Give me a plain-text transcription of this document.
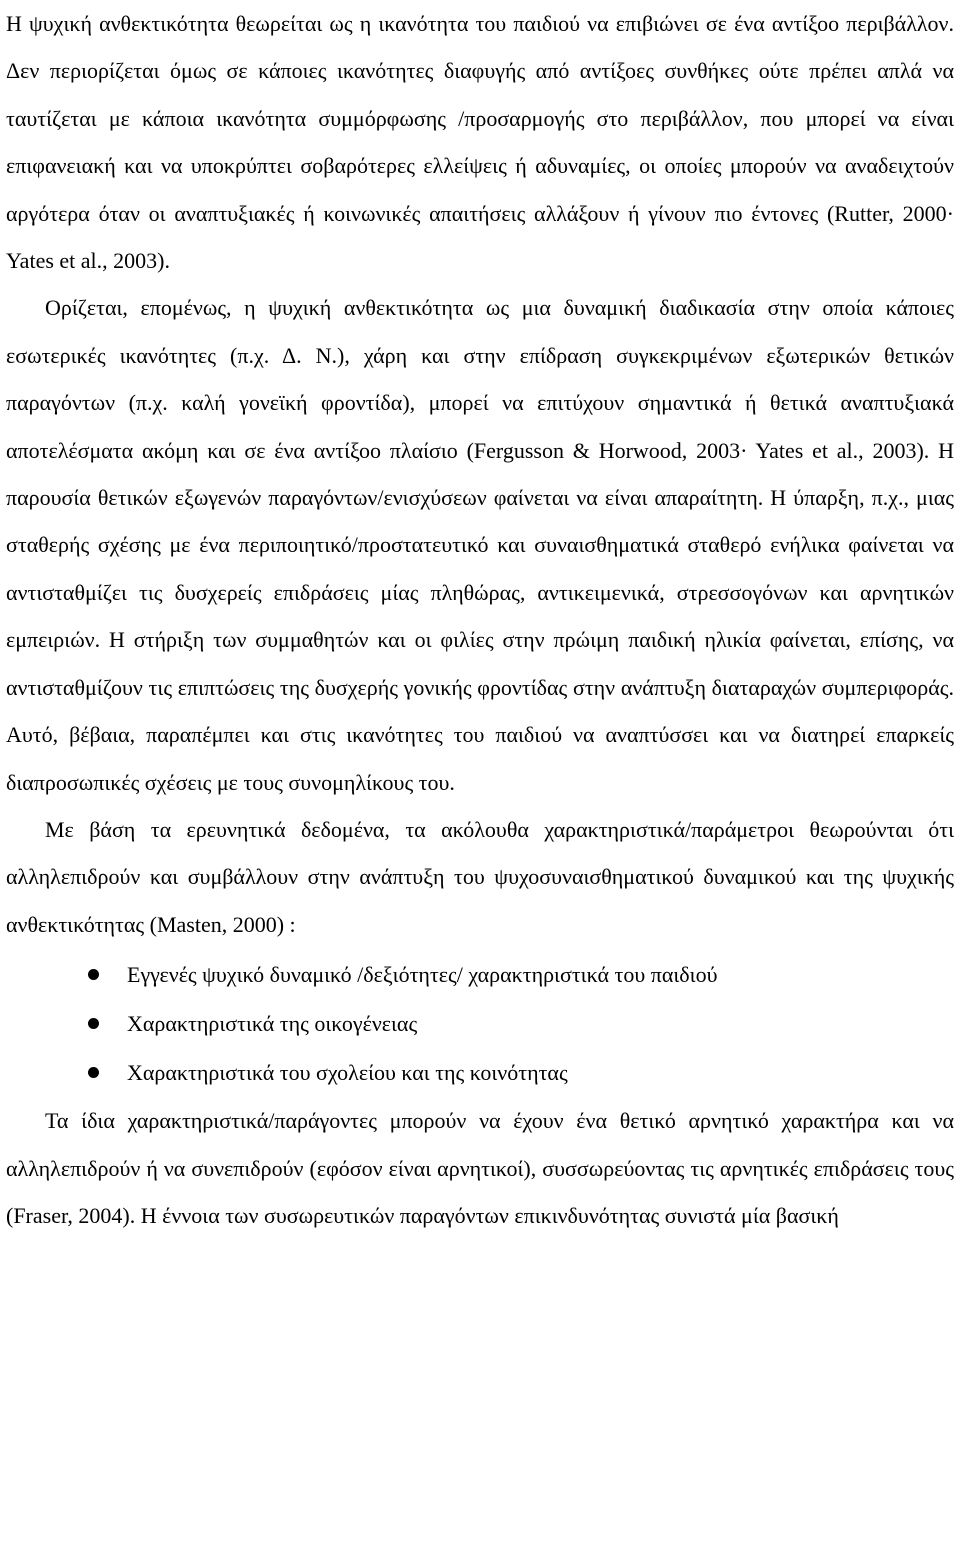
Η ψυχική ανθεκτικότητα θεωρείται ως η ικανότητα του παιδιού να επιβιώνει σε ένα αντίξοο περιβάλλον. Δεν περιορίζεται όμως σε κάποιες ικανότητες διαφυγής από αντίξοες συνθήκες ούτε πρέπει απλά να ταυτίζεται με κάποια ικανότητα συμμόρφωσης /προσαρμογής στο περιβάλλον, που μπορεί να είναι επιφανειακή και να υποκρύπτει σοβαρότερες ελλείψεις ή αδυναμίες, οι οποίες μπορούν να αναδειχτούν αργότερα όταν οι αναπτυξιακές ή κοινωνικές απαιτήσεις αλλάξουν ή γίνουν πιο έντονες (Rutter, 2000· Yates et al., 2003).

Ορίζεται, επομένως, η ψυχική ανθεκτικότητα ως μια δυναμική διαδικασία στην οποία κάποιες εσωτερικές ικανότητες (π.χ. Δ. Ν.), χάρη και στην επίδραση συγκεκριμένων εξωτερικών θετικών παραγόντων (π.χ. καλή γονεϊκή φροντίδα), μπορεί να επιτύχουν σημαντικά ή θετικά αναπτυξιακά αποτελέσματα ακόμη και σε ένα αντίξοο πλαίσιο (Fergusson & Horwood, 2003· Yates et al., 2003). Η παρουσία θετικών εξωγενών παραγόντων/ενισχύσεων φαίνεται να είναι απαραίτητη. Η ύπαρξη, π.χ., μιας σταθερής σχέσης με ένα περιποιητικό/προστατευτικό και συναισθηματικά σταθερό ενήλικα φαίνεται να αντισταθμίζει τις δυσχερείς επιδράσεις μίας πληθώρας, αντικειμενικά, στρεσσογόνων και αρνητικών εμπειριών. Η στήριξη των συμμαθητών και οι φιλίες στην πρώιμη παιδική ηλικία φαίνεται, επίσης, να αντισταθμίζουν τις επιπτώσεις της δυσχερής γονικής φροντίδας στην ανάπτυξη διαταραχών συμπεριφοράς. Αυτό, βέβαια, παραπέμπει και στις ικανότητες του παιδιού να αναπτύσσει και να διατηρεί επαρκείς διαπροσωπικές σχέσεις με τους συνομηλίκους του.

Με βάση τα ερευνητικά δεδομένα, τα ακόλουθα χαρακτηριστικά/παράμετροι θεωρούνται ότι αλληλεπιδρούν και συμβάλλουν στην ανάπτυξη του ψυχοσυναισθηματικού δυναμικού και της ψυχικής ανθεκτικότητας (Masten, 2000) :

Εγγενές ψυχικό δυναμικό /δεξιότητες/ χαρακτηριστικά του παιδιού
Χαρακτηριστικά της οικογένειας
Χαρακτηριστικά του σχολείου και της κοινότητας

Τα ίδια χαρακτηριστικά/παράγοντες μπορούν να έχουν ένα θετικό αρνητικό χαρακτήρα και να αλληλεπιδρούν ή να συνεπιδρούν (εφόσον είναι αρνητικοί), συσσωρεύοντας τις αρνητικές επιδράσεις τους (Fraser, 2004). Η έννοια των συσωρευτικών παραγόντων επικινδυνότητας συνιστά μία βασική
